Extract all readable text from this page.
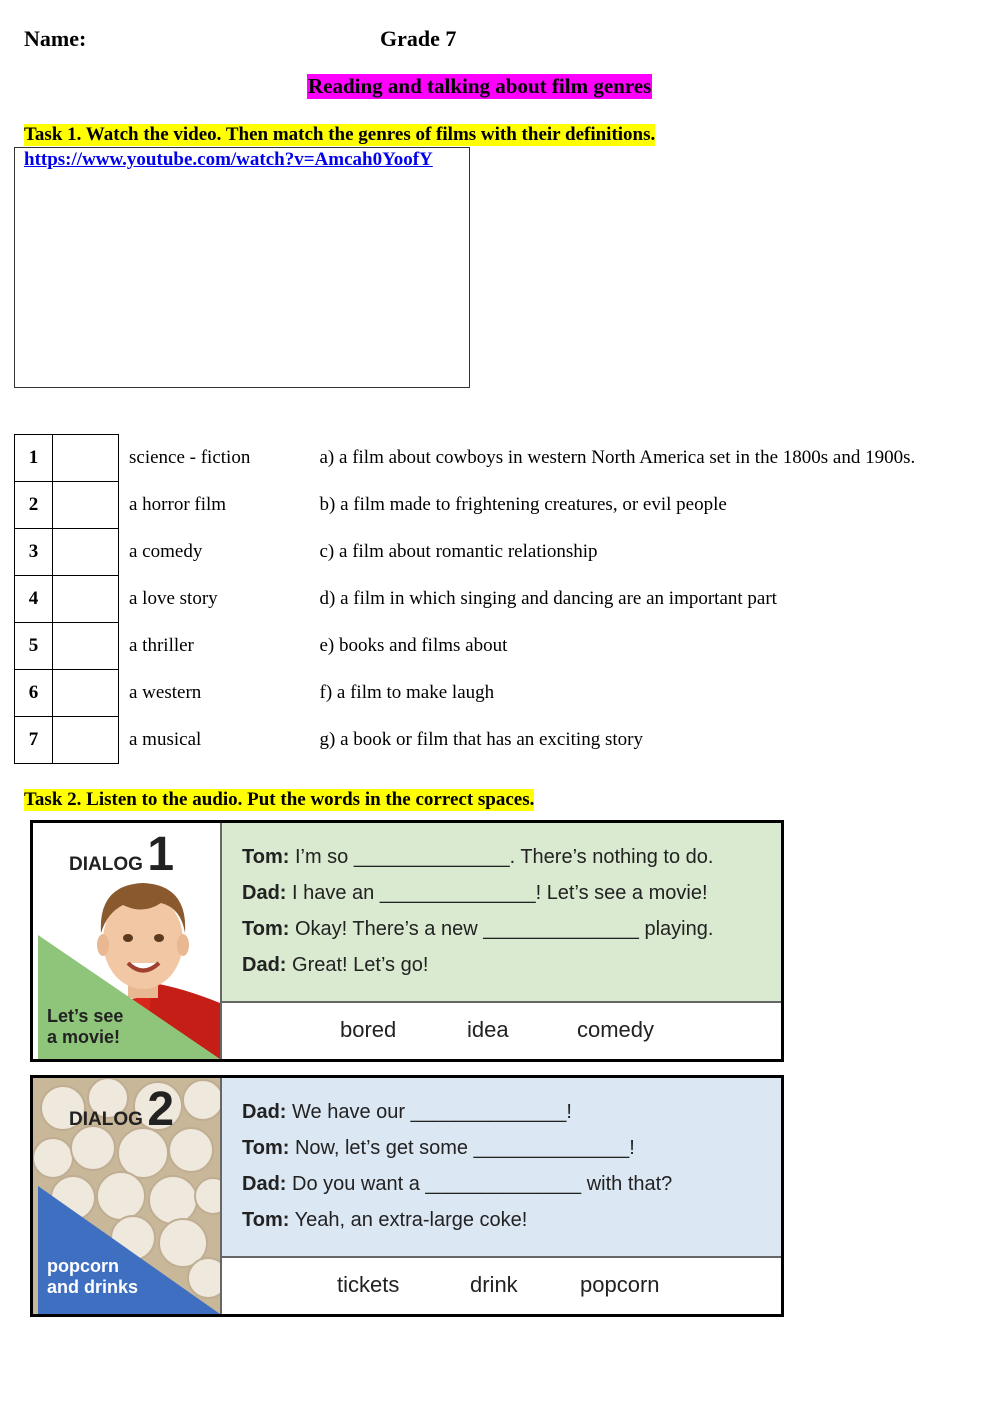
Name:	Grade 7
Reading and talking about film genres
Task 1. Watch the video. Then match the genres of films with their definitions.
https://www.youtube.com/watch?v=Amcah0YoofY
1		science - fiction	a) a film about cowboys in western North America set in the 1800s and 1900s.
2		a horror film	b) a film made to frightening creatures, or evil people
3		a comedy	c) a film about romantic relationship
4		a love story	d) a film in which singing and dancing are an important part
5		a thriller	e) books and films about
6		a western	f) a film to make laugh
7		a musical	g) a book or film that has an exciting story
Task 2. Listen to the audio. Put the words in the correct spaces.
DIALOG 1
Let’s see
a movie!
Tom: I’m so ______________. There’s nothing to do.
Dad: I have an ______________! Let’s see a movie!
Tom: Okay! There’s a new ______________ playing.
Dad: Great! Let’s go!
bored	idea	comedy
DIALOG 2
popcorn
and drinks
Dad: We have our ______________!
Tom: Now, let’s get some ______________!
Dad: Do you want a ______________ with that?
Tom: Yeah, an extra-large coke!
tickets	drink	popcorn
